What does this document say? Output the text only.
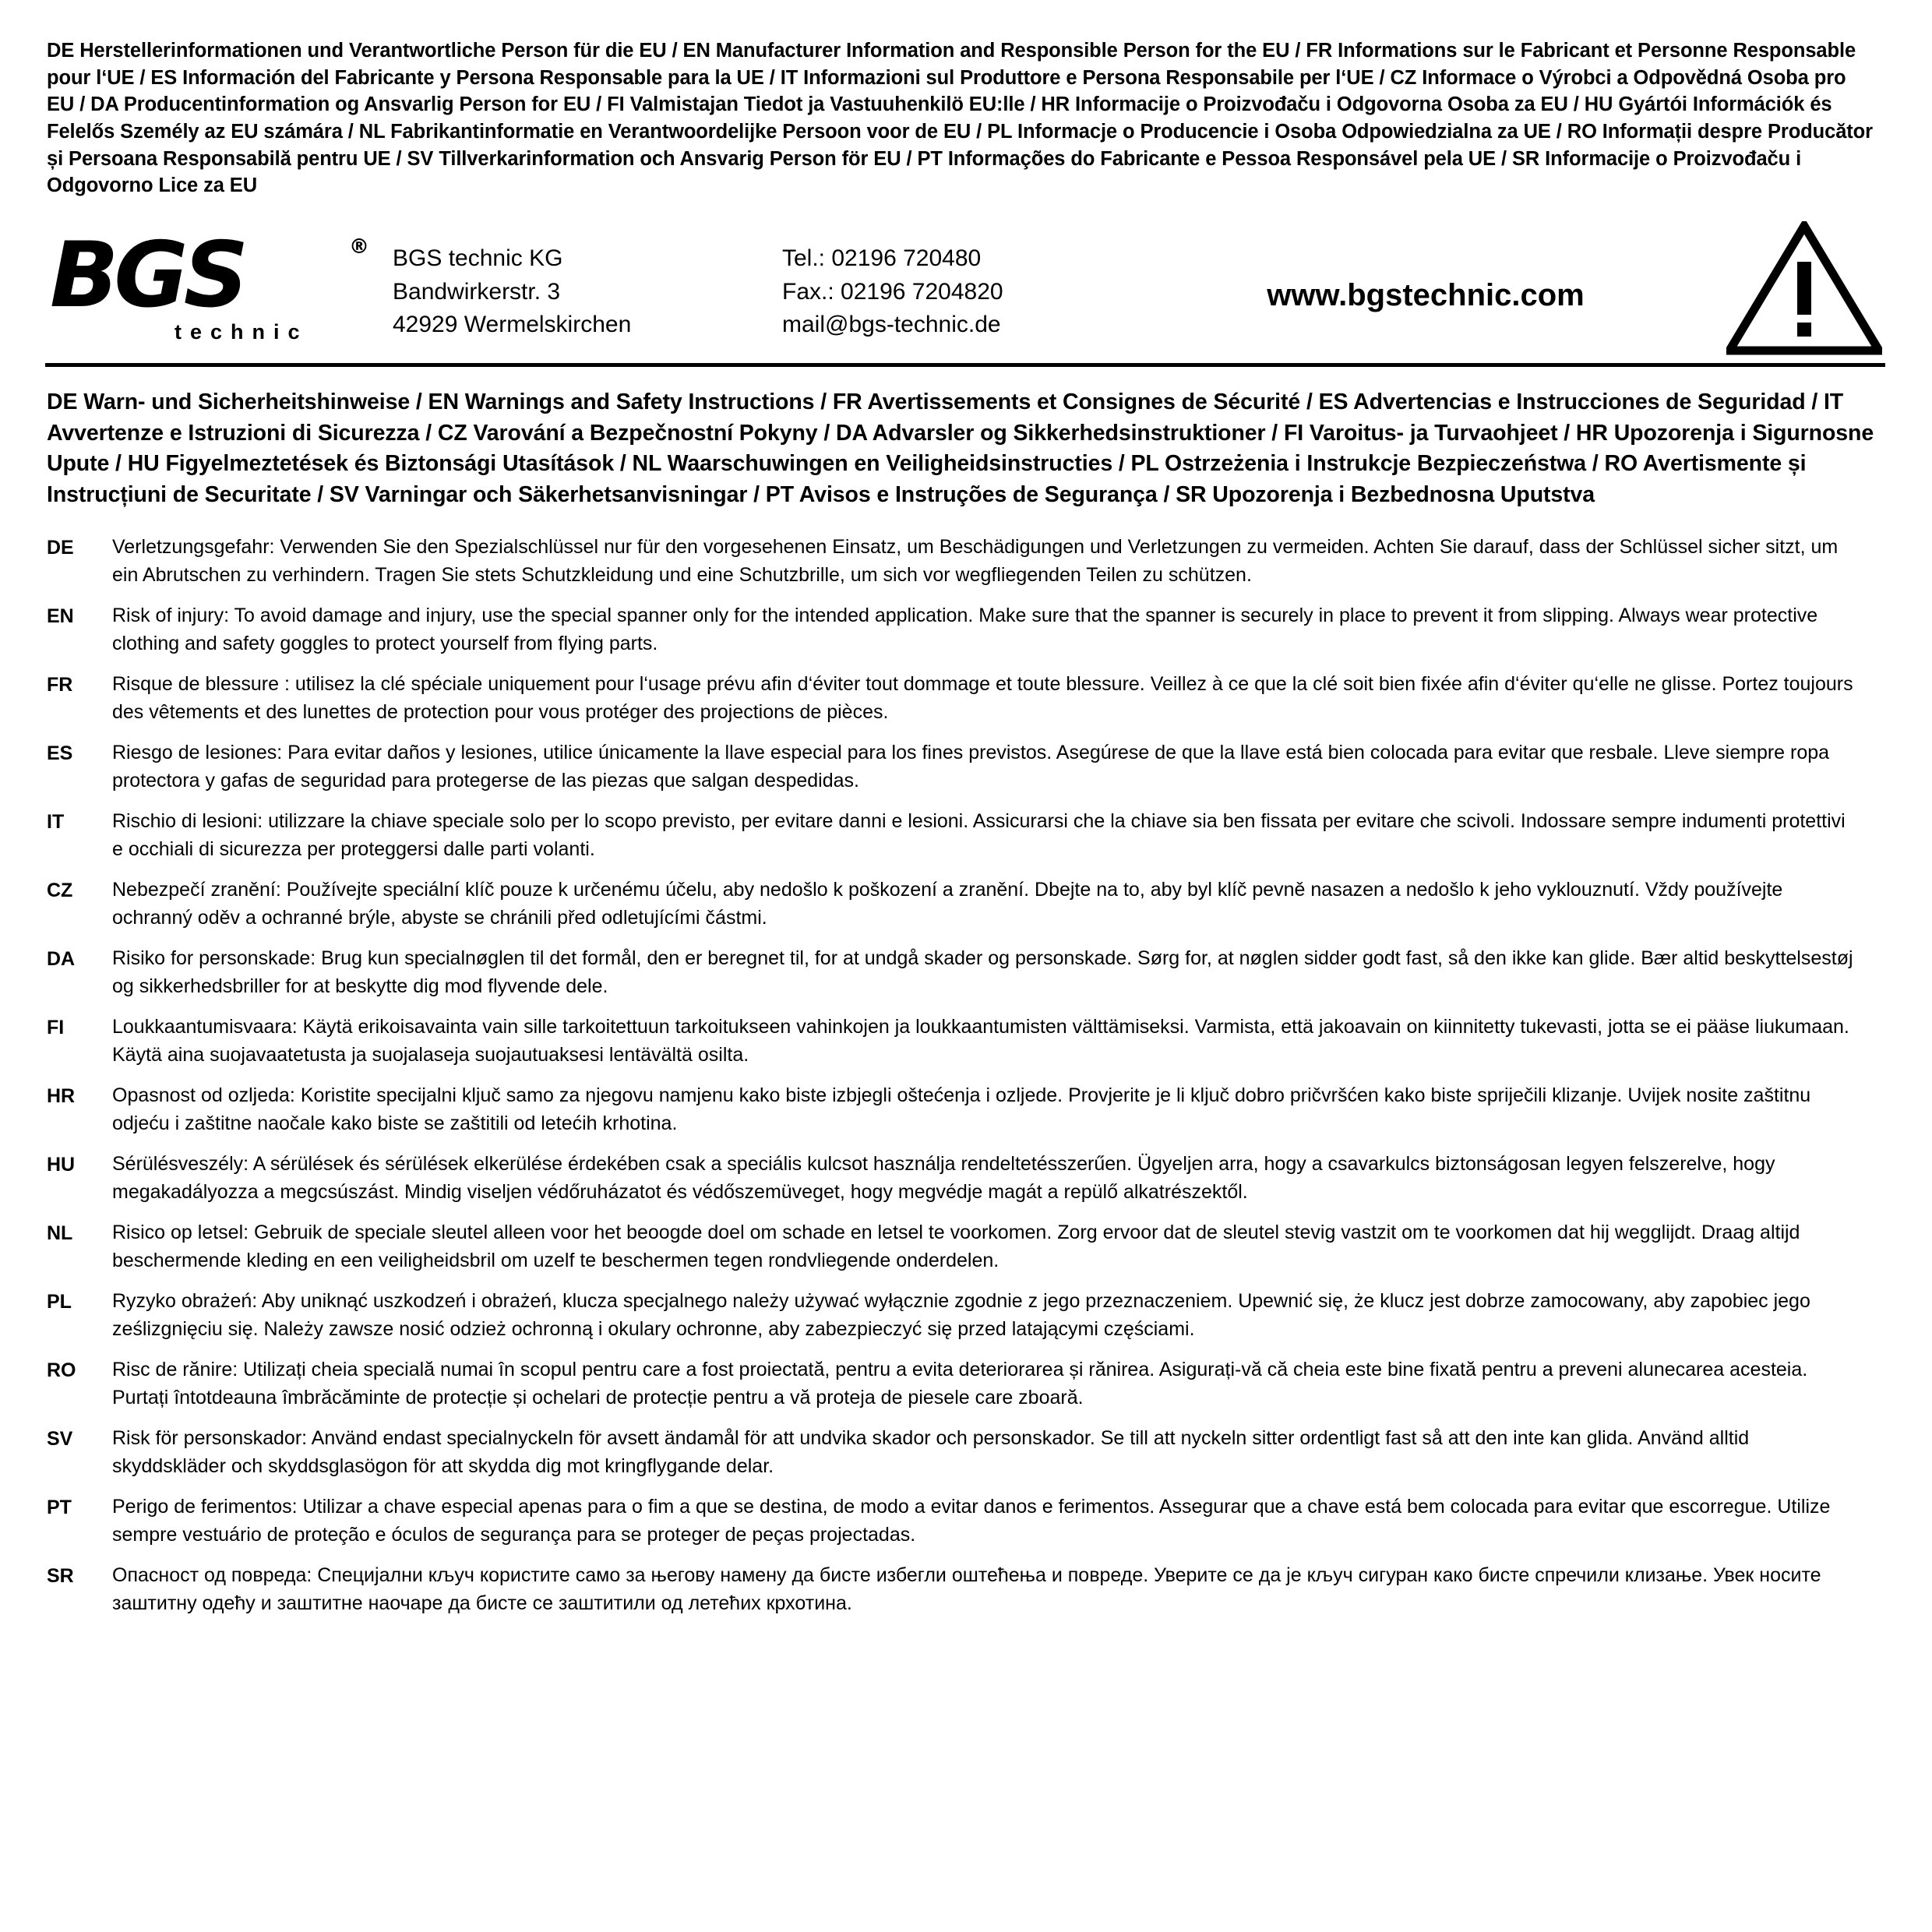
DE Herstellerinformationen und Verantwortliche Person für die EU / EN Manufacturer Information and Responsible Person for the EU / FR Informations sur le Fabricant et Personne Responsable pour l‘UE / ES Información del Fabricante y Persona Responsable para la UE / IT Informazioni sul Produttore e Persona Responsabile per l‘UE / CZ Informace o Výrobci a Odpovědná Osoba pro EU / DA Producentinformation og Ansvarlig Person for EU / FI Valmistajan Tiedot ja Vastuuhenkilö EU:lle / HR Informacije o Proizvođaču i Odgovorna Osoba za EU / HU Gyártói Információk és Felelős Személy az EU számára / NL Fabrikantinformatie en Verantwoordelijke Persoon voor de EU / PL Informacje o Producencie i Osoba Odpowiedzialna za UE / RO Informații despre Producător și Persoana Responsabilă pentru UE / SV Tillverkarinformation och Ansvarig Person för EU / PT Informações do Fabricante e Pessoa Responsável pela UE / SR Informacije o Proizvođaču i Odgovorno Lice za EU
BGS	®
technic
BGS technic KG
Bandwirkerstr. 3
42929 Wermelskirchen
Tel.: 02196 720480
Fax.: 02196 7204820
mail@bgs-technic.de
www.bgstechnic.com
DE Warn- und Sicherheitshinweise / EN Warnings and Safety Instructions / FR Avertissements et Consignes de Sécurité / ES Advertencias e Instrucciones de Seguridad / IT Avvertenze e Istruzioni di Sicurezza / CZ Varování a Bezpečnostní Pokyny / DA Advarsler og Sikkerhedsinstruktioner / FI Varoitus- ja Turvaohjeet / HR Upozorenja i Sigurnosne Upute / HU Figyelmeztetések és Biztonsági Utasítások / NL Waarschuwingen en Veiligheidsinstructies / PL Ostrzeżenia i Instrukcje Bezpieczeństwa / RO Avertismente și Instrucțiuni de Securitate / SV Varningar och Säkerhetsanvisningar / PT Avisos e Instruções de Segurança / SR Upozorenja i Bezbednosna Uputstva
DE	Verletzungsgefahr: Verwenden Sie den Spezialschlüssel nur für den vorgesehenen Einsatz, um Beschädigungen und Verletzungen zu vermeiden. Achten Sie darauf, dass der Schlüssel sicher sitzt, um ein Abrutschen zu verhindern. Tragen Sie stets Schutzkleidung und eine Schutzbrille, um sich vor wegfliegenden Teilen zu schützen.
EN	Risk of injury: To avoid damage and injury, use the special spanner only for the intended application. Make sure that the spanner is securely in place to prevent it from slipping. Always wear protective clothing and safety goggles to protect yourself from flying parts.
FR	Risque de blessure : utilisez la clé spéciale uniquement pour l‘usage prévu afin d‘éviter tout dommage et toute blessure. Veillez à ce que la clé soit bien fixée afin d‘éviter qu‘elle ne glisse. Portez toujours des vêtements et des lunettes de protection pour vous protéger des projections de pièces.
ES	Riesgo de lesiones: Para evitar daños y lesiones, utilice únicamente la llave especial para los fines previstos. Asegúrese de que la llave está bien colocada para evitar que resbale. Lleve siempre ropa protectora y gafas de seguridad para protegerse de las piezas que salgan despedidas.
IT	Rischio di lesioni: utilizzare la chiave speciale solo per lo scopo previsto, per evitare danni e lesioni. Assicurarsi che la chiave sia ben fissata per evitare che scivoli. Indossare sempre indumenti protettivi e occhiali di sicurezza per proteggersi dalle parti volanti.
CZ	Nebezpečí zranění: Používejte speciální klíč pouze k určenému účelu, aby nedošlo k poškození a zranění. Dbejte na to, aby byl klíč pevně nasazen a nedošlo k jeho vyklouznutí. Vždy používejte ochranný oděv a ochranné brýle, abyste se chránili před odletujícími částmi.
DA	Risiko for personskade: Brug kun specialnøglen til det formål, den er beregnet til, for at undgå skader og personskade. Sørg for, at nøglen sidder godt fast, så den ikke kan glide. Bær altid beskyttelsestøj og sikkerhedsbriller for at beskytte dig mod flyvende dele.
FI	Loukkaantumisvaara: Käytä erikoisavainta vain sille tarkoitettuun tarkoitukseen vahinkojen ja loukkaantumisten välttämiseksi. Varmista, että jakoavain on kiinnitetty tukevasti, jotta se ei pääse liukumaan. Käytä aina suojavaatetusta ja suojalaseja suojautuaksesi lentävältä osilta.
HR	Opasnost od ozljeda: Koristite specijalni ključ samo za njegovu namjenu kako biste izbjegli oštećenja i ozljede. Provjerite je li ključ dobro pričvršćen kako biste spriječili klizanje. Uvijek nosite zaštitnu odjeću i zaštitne naočale kako biste se zaštitili od letećih krhotina.
HU	Sérülésveszély: A sérülések és sérülések elkerülése érdekében csak a speciális kulcsot használja rendeltetésszerűen. Ügyeljen arra, hogy a csavarkulcs biztonságosan legyen felszerelve, hogy megakadályozza a megcsúszást. Mindig viseljen védőruházatot és védőszemüveget, hogy megvédje magát a repülő alkatrészektől.
NL	Risico op letsel: Gebruik de speciale sleutel alleen voor het beoogde doel om schade en letsel te voorkomen. Zorg ervoor dat de sleutel stevig vastzit om te voorkomen dat hij wegglijdt. Draag altijd beschermende kleding en een veiligheidsbril om uzelf te beschermen tegen rondvliegende onderdelen.
PL	Ryzyko obrażeń: Aby uniknąć uszkodzeń i obrażeń, klucza specjalnego należy używać wyłącznie zgodnie z jego przeznaczeniem. Upewnić się, że klucz jest dobrze zamocowany, aby zapobiec jego ześlizgnięciu się. Należy zawsze nosić odzież ochronną i okulary ochronne, aby zabezpieczyć się przed latającymi częściami.
RO	Risc de rănire: Utilizați cheia specială numai în scopul pentru care a fost proiectată, pentru a evita deteriorarea și rănirea. Asigurați-vă că cheia este bine fixată pentru a preveni alunecarea acesteia. Purtați întotdeauna îmbrăcăminte de protecție și ochelari de protecție pentru a vă proteja de piesele care zboară.
SV	Risk för personskador: Använd endast specialnyckeln för avsett ändamål för att undvika skador och personskador. Se till att nyckeln sitter ordentligt fast så att den inte kan glida. Använd alltid skyddskläder och skyddsglasögon för att skydda dig mot kringflygande delar.
PT	Perigo de ferimentos: Utilizar a chave especial apenas para o fim a que se destina, de modo a evitar danos e ferimentos. Assegurar que a chave está bem colocada para evitar que escorregue. Utilize sempre vestuário de proteção e óculos de segurança para se proteger de peças projectadas.
SR	Опасност од повреда: Специјални кључ користите само за његову намену да бисте избегли оштећења и повреде. Уверите се да је кључ сигуран како бисте спречили клизање. Увек носите заштитну одећу и заштитне наочаре да бисте се заштитили од летећих крхотина.
